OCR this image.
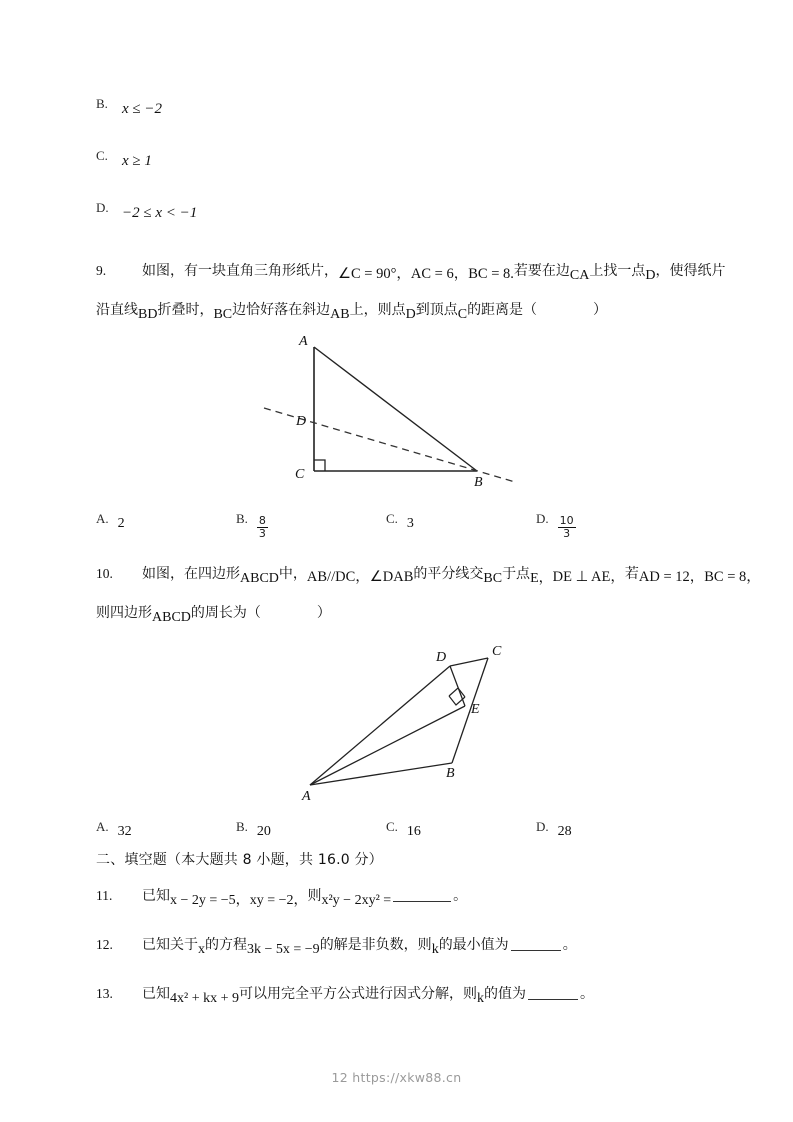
B. x ≤ −2
C. x ≥ 1
D. −2 ≤ x < −1
9.	如图，有一块直角三角形纸片，∠C = 90°，AC = 6，BC = 8.若要在边CA上找一点D，使得纸片
沿直线BD折叠时，BC边恰好落在斜边AB上，则点D到顶点C的距离是（　　　　）
A
D
C
B
A. 2	B. $\frac{8}{3}$	C. 3	D. $\frac{10}{3}$
10. 如图，在四边形ABCD中，AB//DC，∠DAB的平分线交BC于点E，DE ⊥ AE，若AD = 12，BC = 8，
则四边形ABCD的周长为（　　　　）
D	C
E
B
A
A. 32	B. 20	C. 16	D. 28
二、填空题（本大题共 8 小题，共 16.0 分）
11. 已知x − 2y = −5，xy = −2，则x²y − 2xy² =	。
12. 已知关于x的方程3k − 5x = −9的解是非负数，则k的最小值为	。
13. 已知4x² + kx + 9可以用完全平方公式进行因式分解，则k的值为	。
12 https://xkw88.cn
